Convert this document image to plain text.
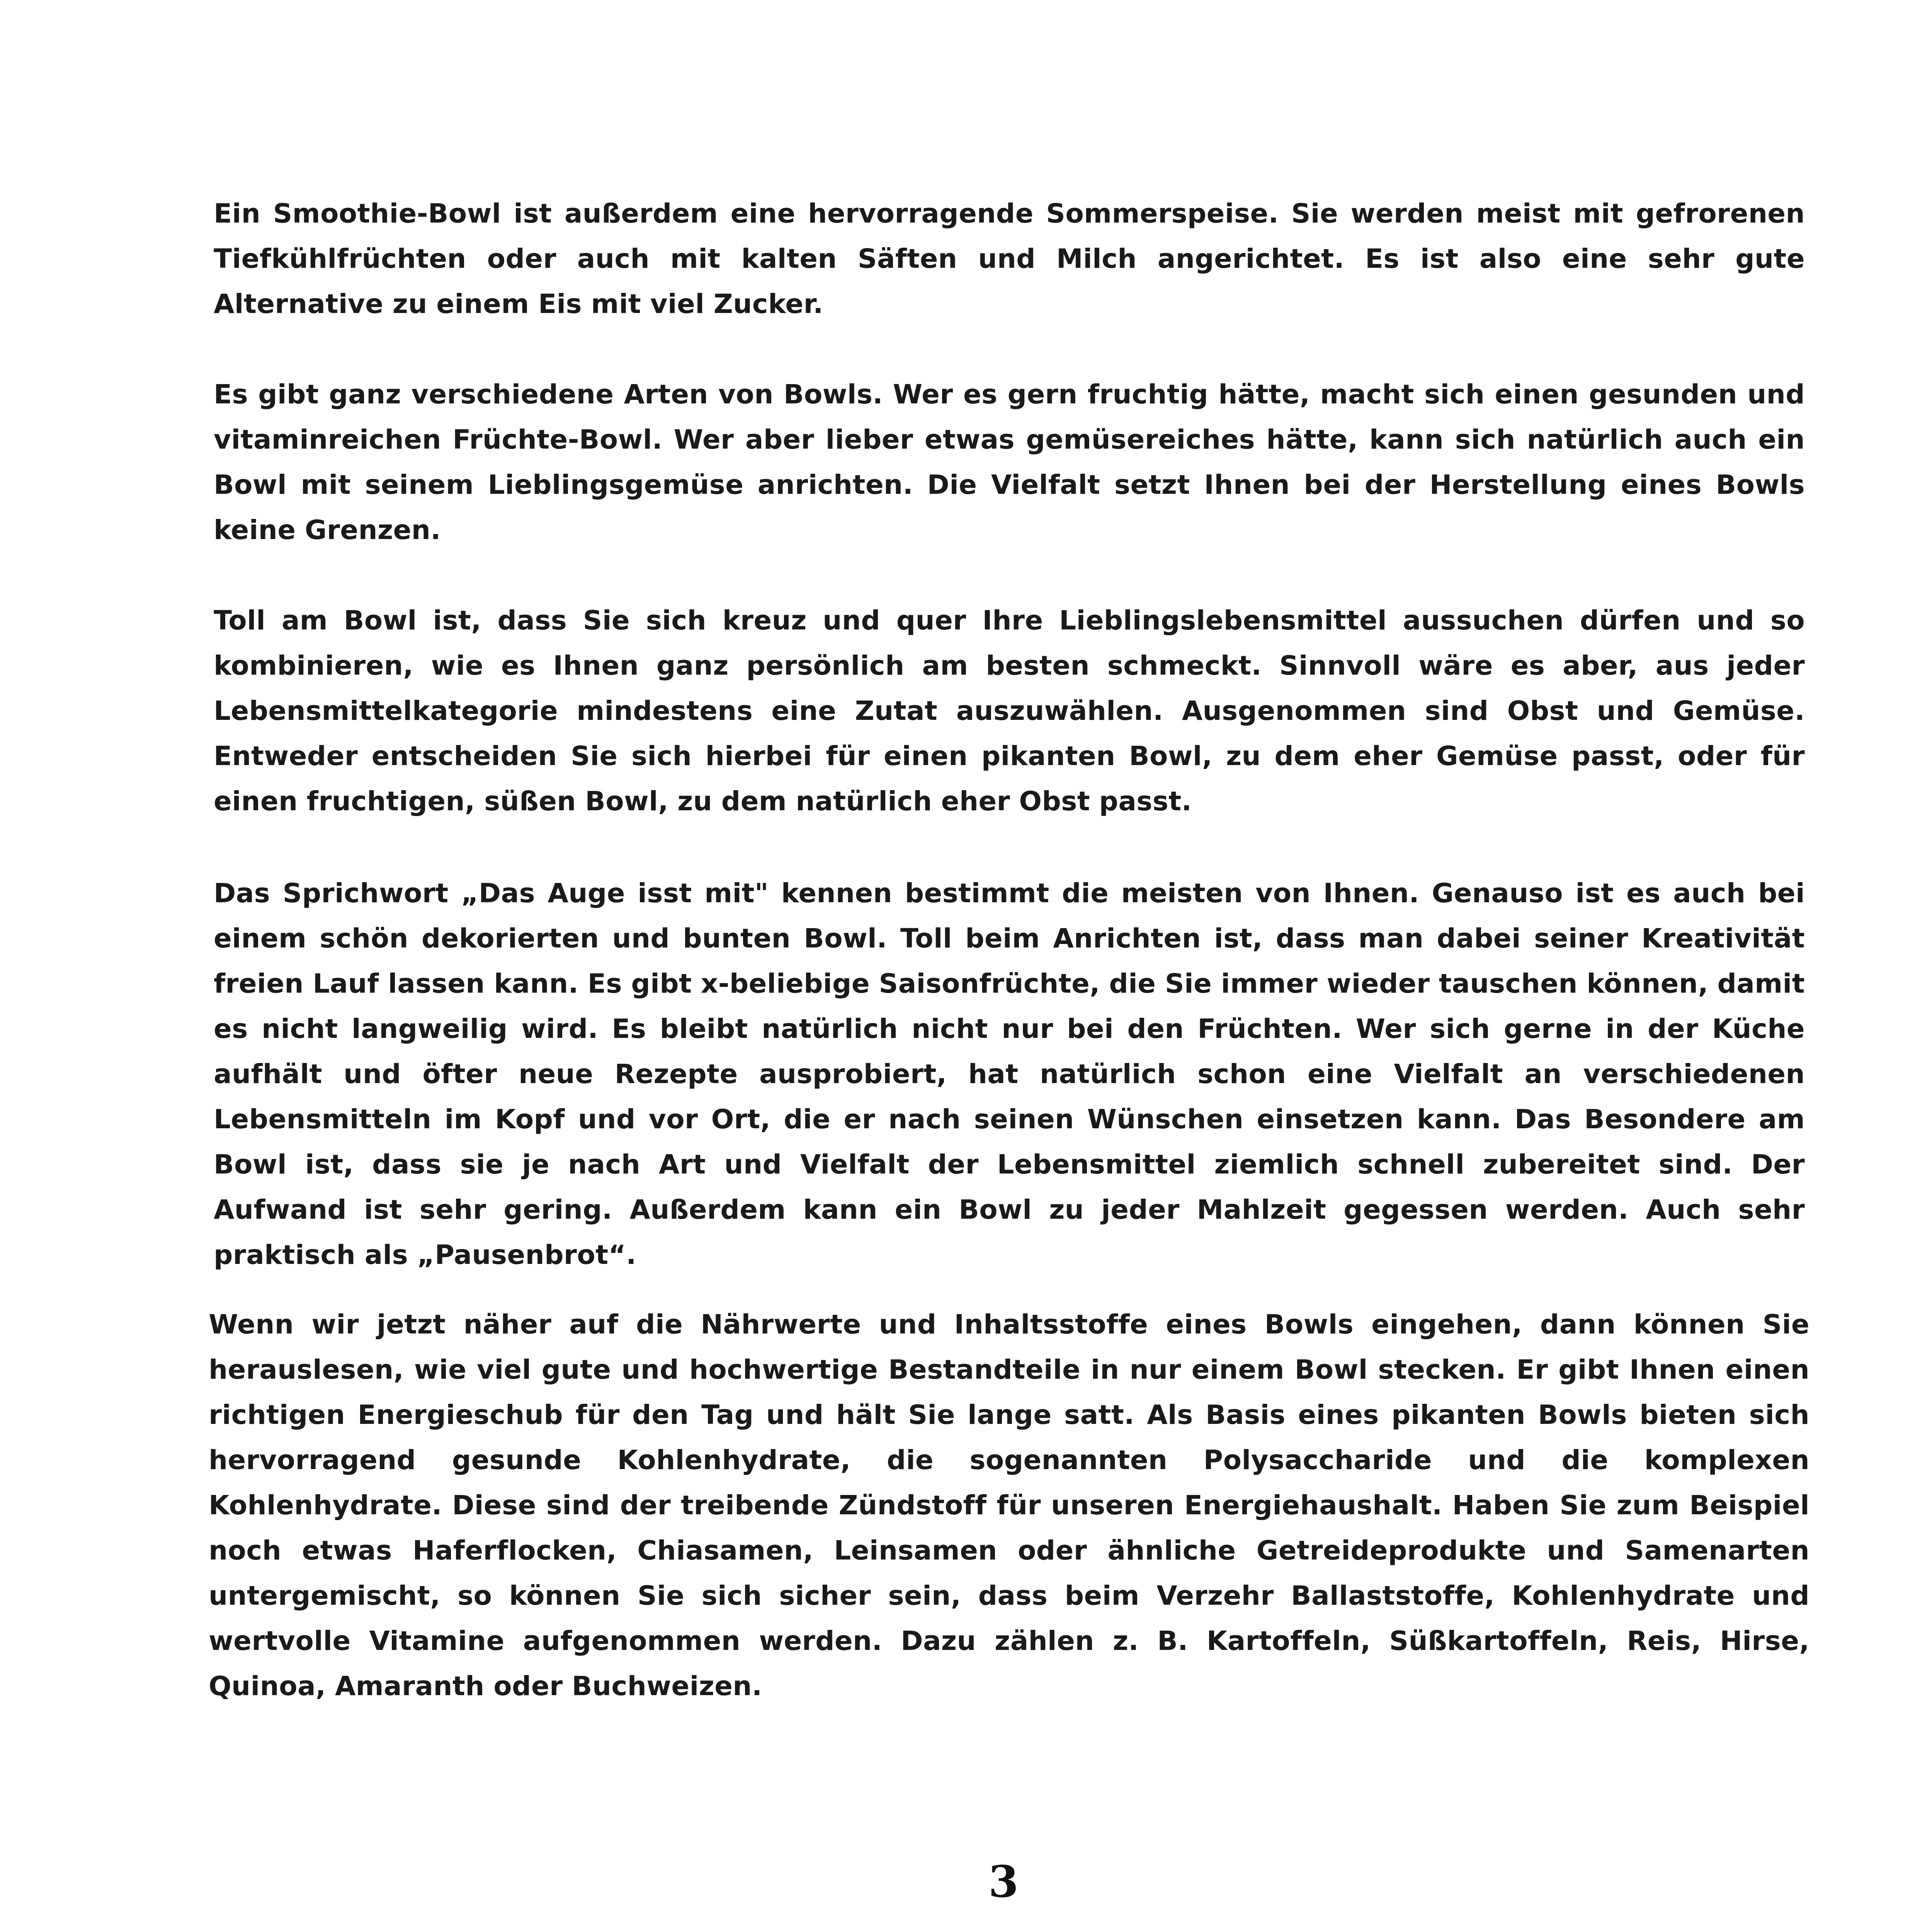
Ein Smoothie-Bowl ist außerdem eine hervorragende Sommerspeise. Sie werden meist mit gefrorenen Tiefkühlfrüchten oder auch mit kalten Säften und Milch angerichtet. Es ist also eine sehr gute Alternative zu einem Eis mit viel Zucker.

Es gibt ganz verschiedene Arten von Bowls. Wer es gern fruchtig hätte, macht sich einen gesunden und vitaminreichen Früchte-Bowl. Wer aber lieber etwas gemüsereiches hätte, kann sich natürlich auch ein Bowl mit seinem Lieblingsgemüse anrichten. Die Vielfalt setzt Ihnen bei der Herstellung eines Bowls keine Grenzen.

Toll am Bowl ist, dass Sie sich kreuz und quer Ihre Lieblingslebensmittel aussuchen dürfen und so kombinieren, wie es Ihnen ganz persönlich am besten schmeckt. Sinnvoll wäre es aber, aus jeder Lebensmittelkategorie mindestens eine Zutat auszuwählen. Ausgenommen sind Obst und Gemüse. Entweder entscheiden Sie sich hierbei für einen pikanten Bowl, zu dem eher Gemüse passt, oder für einen fruchtigen, süßen Bowl, zu dem natürlich eher Obst passt.

Das Sprichwort „Das Auge isst mit" kennen bestimmt die meisten von Ihnen. Genauso ist es auch bei einem schön dekorierten und bunten Bowl. Toll beim Anrichten ist, dass man dabei seiner Kreativität freien Lauf lassen kann. Es gibt x-beliebige Saisonfrüchte, die Sie immer wieder tauschen können, damit es nicht langweilig wird. Es bleibt natürlich nicht nur bei den Früchten. Wer sich gerne in der Küche aufhält und öfter neue Rezepte ausprobiert, hat natürlich schon eine Vielfalt an verschiedenen Lebensmitteln im Kopf und vor Ort, die er nach seinen Wünschen einsetzen kann. Das Besondere am Bowl ist, dass sie je nach Art und Vielfalt der Lebensmittel ziemlich schnell zubereitet sind. Der Aufwand ist sehr gering. Außerdem kann ein Bowl zu jeder Mahlzeit gegessen werden. Auch sehr praktisch als „Pausenbrot“.

Wenn wir jetzt näher auf die Nährwerte und Inhaltsstoffe eines Bowls eingehen, dann können Sie herauslesen, wie viel gute und hochwertige Bestandteile in nur einem Bowl stecken. Er gibt Ihnen einen richtigen Energieschub für den Tag und hält Sie lange satt. Als Basis eines pikanten Bowls bieten sich hervorragend gesunde Kohlenhydrate, die sogenannten Polysaccharide und die komplexen Kohlenhydrate. Diese sind der treibende Zündstoff für unseren Energiehaushalt. Haben Sie zum Beispiel noch etwas Haferflocken, Chiasamen, Leinsamen oder ähnliche Getreideprodukte und Samenarten untergemischt, so können Sie sich sicher sein, dass beim Verzehr Ballaststoffe, Kohlenhydrate und wertvolle Vitamine aufgenommen werden. Dazu zählen z. B. Kartoffeln, Süßkartoffeln, Reis, Hirse, Quinoa, Amaranth oder Buchweizen.

3
